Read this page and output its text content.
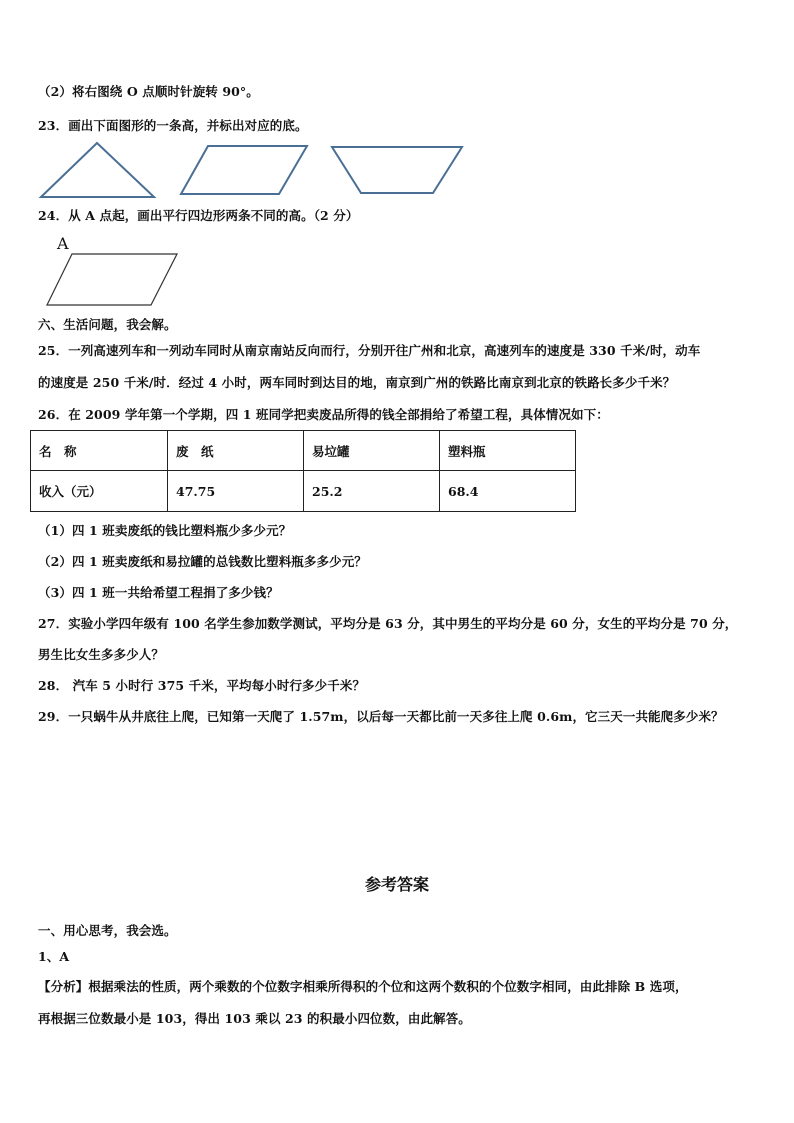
（2）将右图绕 O 点顺时针旋转 90°。
23．画出下面图形的一条高，并标出对应的底。
24．从 A 点起，画出平行四边形两条不同的高。（2 分）
A
六、生活问题，我会解。
25．一列高速列车和一列动车同时从南京南站反向而行，分别开往广州和北京，高速列车的速度是 330 千米/时，动车
的速度是 250 千米/时．经过 4 小时，两车同时到达目的地，南京到广州的铁路比南京到北京的铁路长多少千米？
26．在 2009 学年第一个学期，四 1 班同学把卖废品所得的钱全部捐给了希望工程，具体情况如下：
名　称	废　纸	易垃罐	塑料瓶
收入（元）	47.75	25.2	68.4
（1）四 1 班卖废纸的钱比塑料瓶少多少元？
（2）四 1 班卖废纸和易拉罐的总钱数比塑料瓶多多少元？
（3）四 1 班一共给希望工程捐了多少钱？
27．实验小学四年级有 100 名学生参加数学测试，平均分是 63 分，其中男生的平均分是 60 分，女生的平均分是 70 分，
男生比女生多多少人？
28． 汽车 5 小时行 375 千米，平均每小时行多少千米？
29．一只蜗牛从井底往上爬，已知第一天爬了 1.57m，以后每一天都比前一天多往上爬 0.6m，它三天一共能爬多少米？
参考答案
一、用心思考，我会选。
1、A
【分析】根据乘法的性质，两个乘数的个位数字相乘所得积的个位和这两个数积的个位数字相同，由此排除 B 选项，
再根据三位数最小是 103，得出 103 乘以 23 的积最小四位数，由此解答。
